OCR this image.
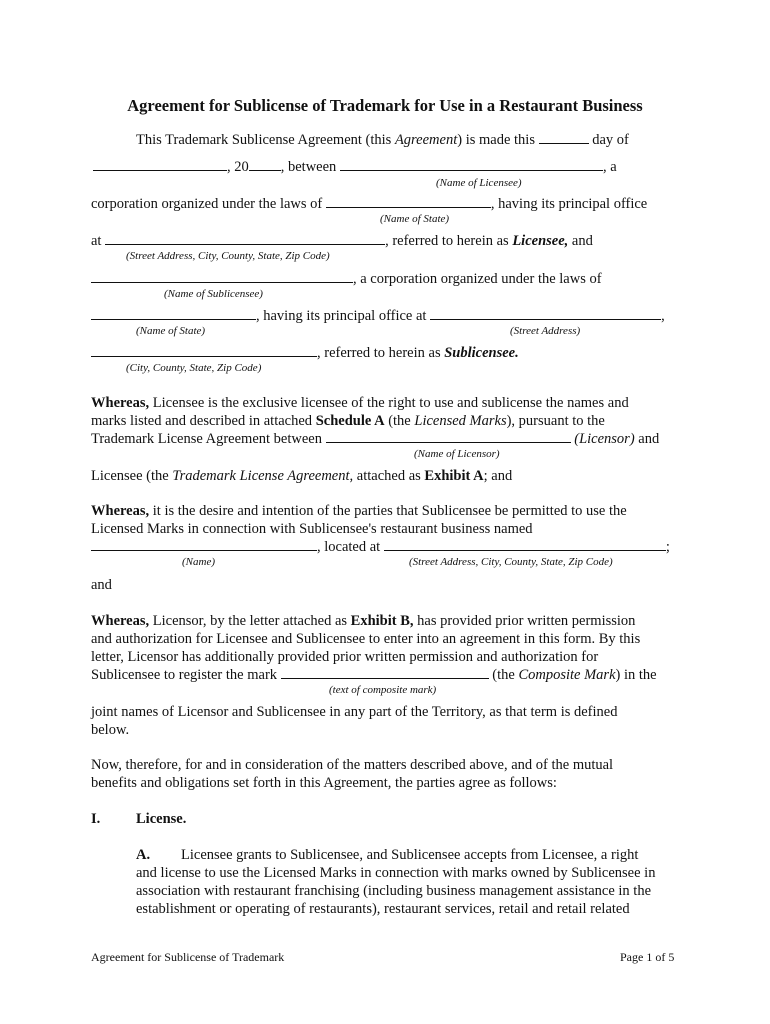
Agreement for Sublicense of Trademark for Use in a Restaurant Business
This Trademark Sublicense Agreement (this Agreement) is made this	day of
, 20 , between	, a
(Name of Licensee)
corporation organized under the laws of	, having its principal office
(Name of State)
at	, referred to herein as Licensee, and
(Street Address, City, County, State, Zip Code)
, a corporation organized under the laws of
(Name of Sublicensee)
, having its principal office at	,
(Name of State)	(Street Address)
, referred to herein as Sublicensee.
(City, County, State, Zip Code)
Whereas, Licensee is the exclusive licensee of the right to use and sublicense the names and
marks listed and described in attached Schedule A (the Licensed Marks), pursuant to the
Trademark License Agreement between	(Licensor) and
(Name of Licensor)
Licensee (the Trademark License Agreement, attached as Exhibit A; and
Whereas, it is the desire and intention of the parties that Sublicensee be permitted to use the
Licensed Marks in connection with Sublicensee's restaurant business named
, located at	;
(Name)	(Street Address, City, County, State, Zip Code)
and
Whereas, Licensor, by the letter attached as Exhibit B, has provided prior written permission
and authorization for Licensee and Sublicensee to enter into an agreement in this form. By this
letter, Licensor has additionally provided prior written permission and authorization for
Sublicensee to register the mark	(the Composite Mark) in the
(text of composite mark)
joint names of Licensor and Sublicensee in any part of the Territory, as that term is defined
below.
Now, therefore, for and in consideration of the matters described above, and of the mutual
benefits and obligations set forth in this Agreement, the parties agree as follows:
I. License.
A. Licensee grants to Sublicensee, and Sublicensee accepts from Licensee, a right
and license to use the Licensed Marks in connection with marks owned by Sublicensee in
association with restaurant franchising (including business management assistance in the
establishment or operating of restaurants), restaurant services, retail and retail related
Agreement for Sublicense of Trademark	Page 1 of 5
